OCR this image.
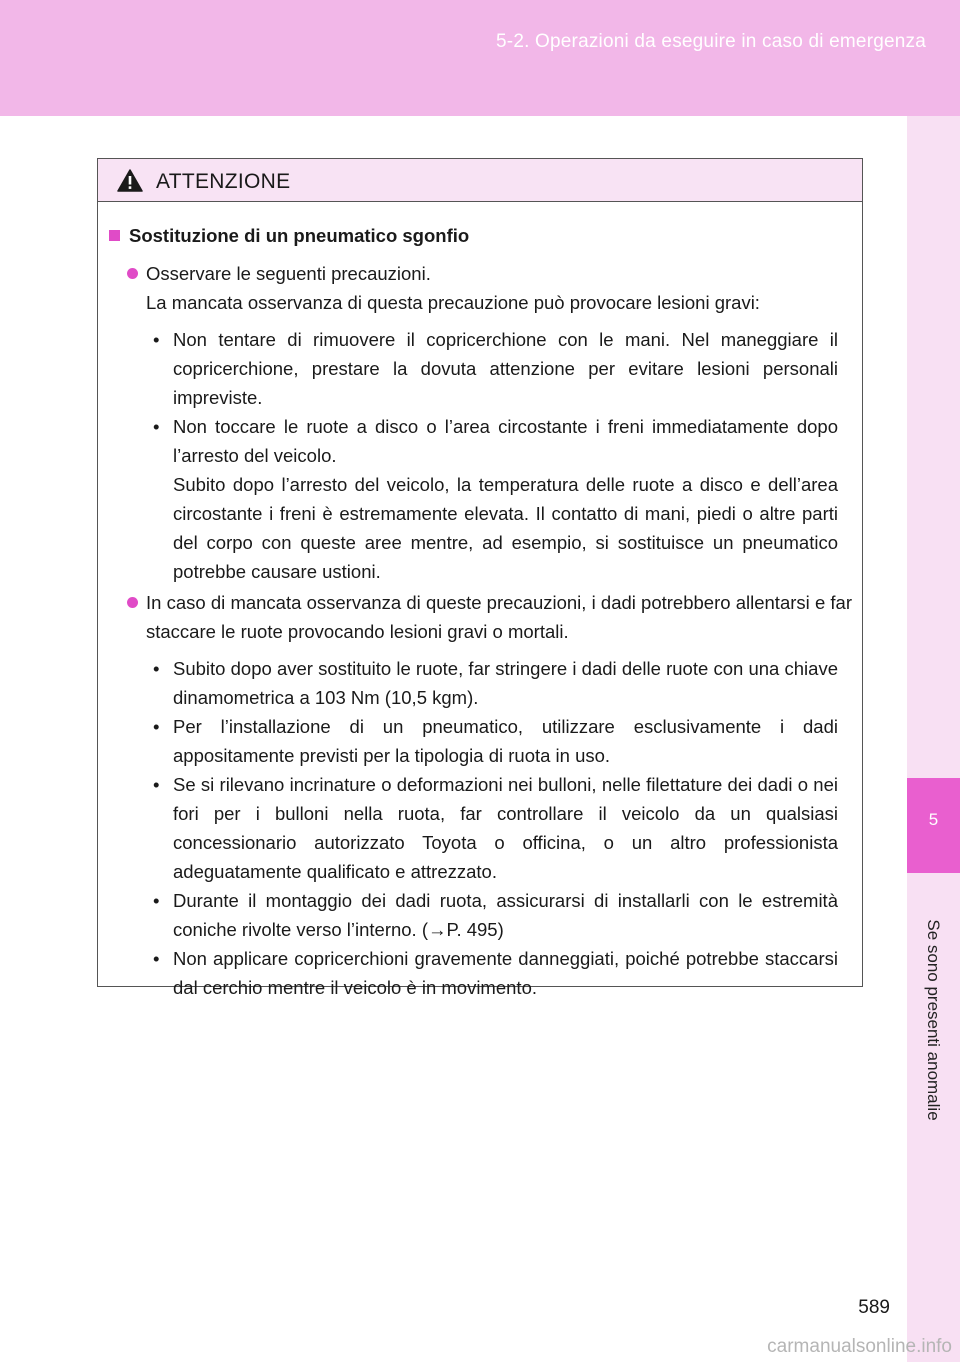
5-2. Operazioni da eseguire in caso di emergenza
5
Se sono presenti anomalie
ATTENZIONE
Sostituzione di un pneumatico sgonfio
Osservare le seguenti precauzioni.
La mancata osservanza di questa precauzione può provocare lesioni gravi:
• Non tentare di rimuovere il copricerchione con le mani. Nel maneggiare il copricerchione, prestare la dovuta attenzione per evitare lesioni personali impreviste.
• Non toccare le ruote a disco o l’area circostante i freni immediatamente dopo l’arresto del veicolo.
Subito dopo l’arresto del veicolo, la temperatura delle ruote a disco e dell’area circostante i freni è estremamente elevata. Il contatto di mani, piedi o altre parti del corpo con queste aree mentre, ad esempio, si sostituisce un pneumatico potrebbe causare ustioni.
In caso di mancata osservanza di queste precauzioni, i dadi potrebbero allentarsi e far staccare le ruote provocando lesioni gravi o mortali.
• Subito dopo aver sostituito le ruote, far stringere i dadi delle ruote con una chiave dinamometrica a 103 Nm (10,5 kgm).
• Per l’installazione di un pneumatico, utilizzare esclusivamente i dadi appositamente previsti per la tipologia di ruota in uso.
• Se si rilevano incrinature o deformazioni nei bulloni, nelle filettature dei dadi o nei fori per i bulloni nella ruota, far controllare il veicolo da un qualsiasi concessionario autorizzato Toyota o officina, o un altro professionista adeguatamente qualificato e attrezzato.
• Durante il montaggio dei dadi ruota, assicurarsi di installarli con le estremità coniche rivolte verso l’interno. (→P. 495)
• Non applicare copricerchioni gravemente danneggiati, poiché potrebbe staccarsi dal cerchio mentre il veicolo è in movimento.
589
carmanualsonline.info
